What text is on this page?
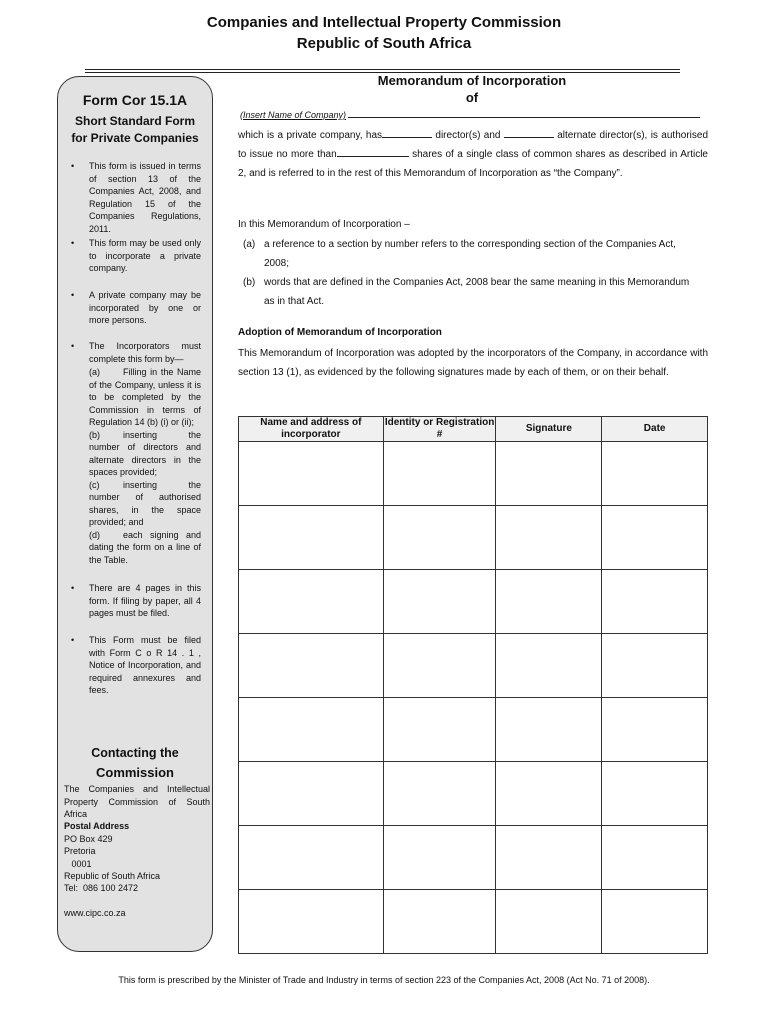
Companies and Intellectual Property Commission
Republic of South Africa
Form Cor 15.1A
Short Standard Form
for Private Companies
• This form is issued in terms of section 13 of the Companies Act, 2008, and Regulation 15 of the Companies Regulations, 2011.
• This form may be used only to incorporate a private company.
• A private company may be incorporated by one or more persons.
• The Incorporators must complete this form by—
(a)	Filling in the Name of the Company, unless it is to be completed by the Commission in terms of Regulation 14 (b) (i) or (ii);
(b)	inserting the number of directors and alternate directors in the spaces provided;
(c)	inserting the number of authorised shares, in the space provided; and
(d)	each signing and dating the form on a line of the Table.
• There are 4 pages in this form. If filing by paper, all 4 pages must be filed.
• This Form must be filed with Form C o R 14 . 1 , Notice of Incorporation, and required annexures and fees.
Contacting the
Commission
The Companies and Intellectual Property Commission of South Africa
Postal Address
PO Box 429
Pretoria
0001
Republic of South Africa
Tel:  086 100 2472
www.cipc.co.za
Memorandum of Incorporation
of
(Insert Name of Company)
which is a private company, has	director(s) and	alternate director(s), is authorised to issue no more than	shares of a single class of common shares as described in Article 2, and is referred to in the rest of this Memorandum of Incorporation as “the Company”.
In this Memorandum of Incorporation –
(a) a reference to a section by number refers to the corresponding section of the Companies Act, 2008;
(b) words that are defined in the Companies Act, 2008 bear the same meaning in this Memorandum as in that Act.
Adoption of Memorandum of Incorporation
This Memorandum of Incorporation was adopted by the incorporators of the Company, in accordance with section 13 (1), as evidenced by the following signatures made by each of them, or on their behalf.
Name and address of incorporator	Identity or Registration #	Signature	Date

This form is prescribed by the Minister of Trade and Industry in terms of section 223 of the Companies Act, 2008 (Act No. 71 of 2008).
